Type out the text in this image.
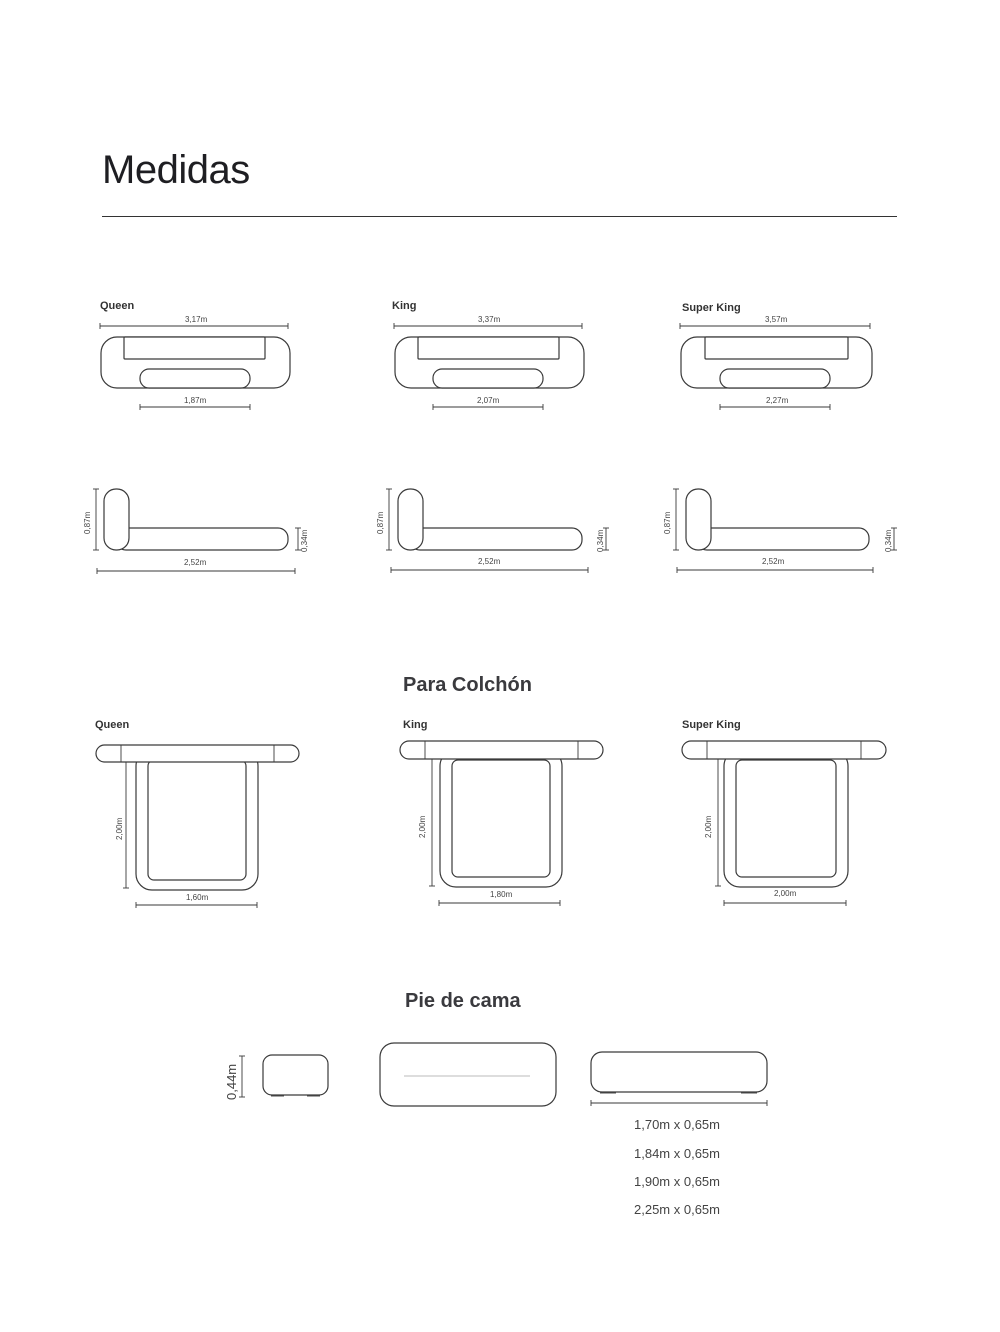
Medidas
Queen
3,17m
1,87m
King
3,37m
2,07m
Super King
3,57m
2,27m
0,87m
0,34m
2,52m
0,87m
0,34m
2,52m
0,87m
0,34m
2,52m
Para Colchón
Queen
2,00m
1,60m
King
2,00m
1,80m
Super King
2,00m
2,00m
Pie de cama
0,44m
1,70m x 0,65m
1,84m x 0,65m
1,90m x 0,65m
2,25m x 0,65m
